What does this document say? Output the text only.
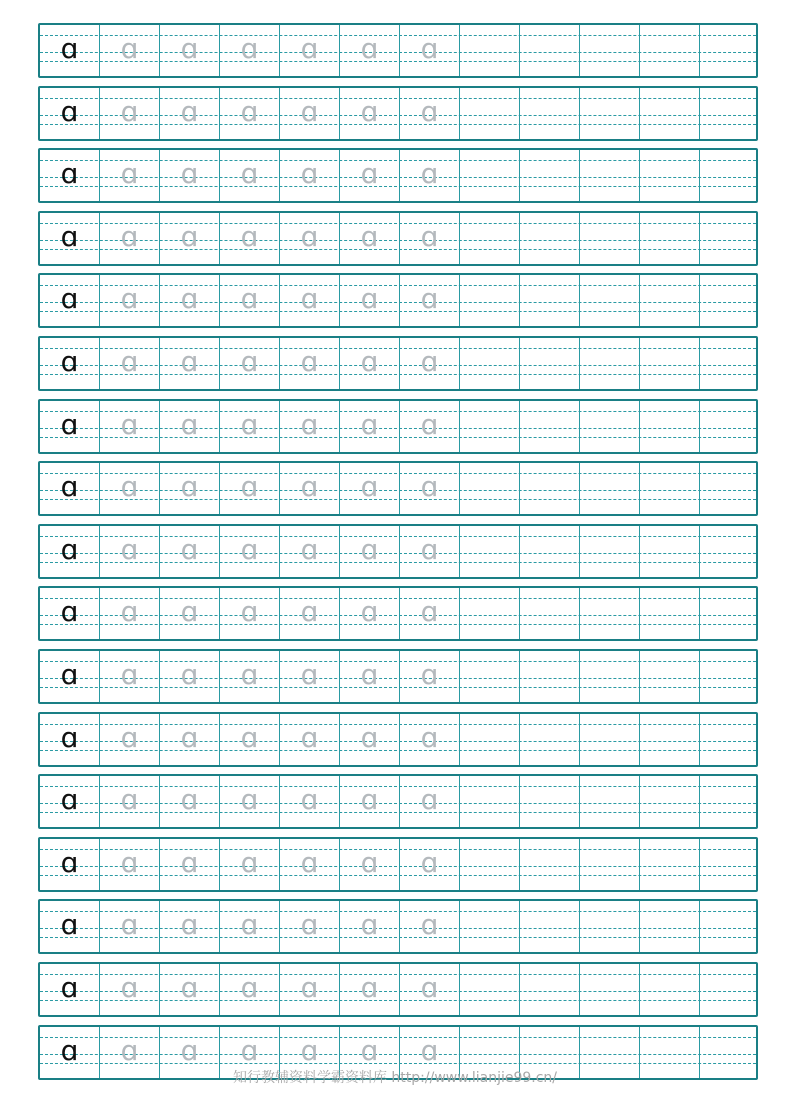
ɑ	ɑ	ɑ	ɑ	ɑ	ɑ	ɑ
ɑ	ɑ	ɑ	ɑ	ɑ	ɑ	ɑ
ɑ	ɑ	ɑ	ɑ	ɑ	ɑ	ɑ
ɑ	ɑ	ɑ	ɑ	ɑ	ɑ	ɑ
ɑ	ɑ	ɑ	ɑ	ɑ	ɑ	ɑ
ɑ	ɑ	ɑ	ɑ	ɑ	ɑ	ɑ
ɑ	ɑ	ɑ	ɑ	ɑ	ɑ	ɑ
ɑ	ɑ	ɑ	ɑ	ɑ	ɑ	ɑ
ɑ	ɑ	ɑ	ɑ	ɑ	ɑ	ɑ
ɑ	ɑ	ɑ	ɑ	ɑ	ɑ	ɑ
ɑ	ɑ	ɑ	ɑ	ɑ	ɑ	ɑ
ɑ	ɑ	ɑ	ɑ	ɑ	ɑ	ɑ
ɑ	ɑ	ɑ	ɑ	ɑ	ɑ	ɑ
ɑ	ɑ	ɑ	ɑ	ɑ	ɑ	ɑ
ɑ	ɑ	ɑ	ɑ	ɑ	ɑ	ɑ
ɑ	ɑ	ɑ	ɑ	ɑ	ɑ	ɑ
ɑ	ɑ	ɑ	ɑ	ɑ	ɑ	ɑ
知行教辅资料学霸资料库 http://www.lianjie99.cn/
